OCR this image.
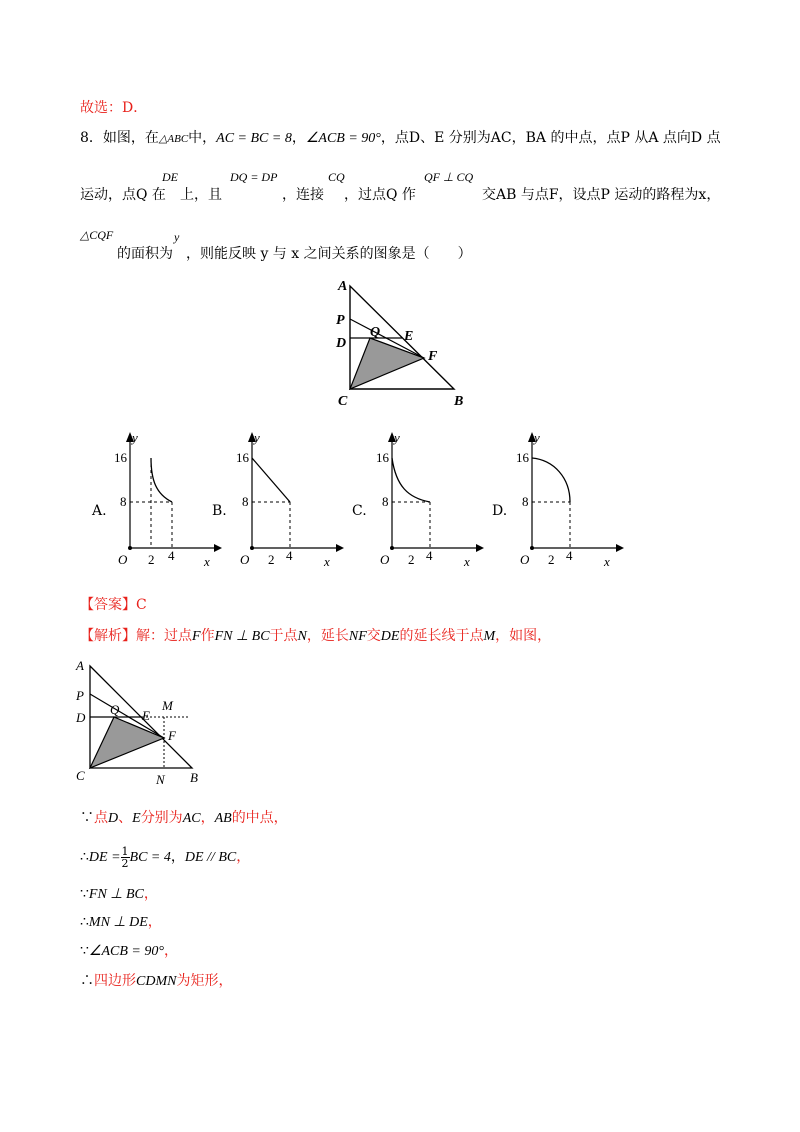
故选：D．
8．如图，在△ABC中，AC = BC = 8，∠ACB = 90°，点D、E 分别为AC，BA 的中点，点P 从A 点向D 点
运动，点Q 在
DE
上，且
DQ = DP
，连接
CQ
，过点Q 作
QF ⊥ CQ
交AB 与点F，设点P 运动的路程为x，
△CQF
的面积为
y
，则能反映 y 与 x 之间关系的图象是（　　）
A
P
Q E
D
F
C	B
A.
y
16
8
O 2 4 x
B.
y
16
8
O 2 4 x
C.
y
16
8
O 2 4 x
D.
y
16
8
O 2 4 x
【答案】C
【解析】解：过点F作FN ⊥ BC于点N，延长NF交DE的延长线于点M，如图，
A
P
D
Q E
M
F
C	N B
∵点D、E分别为AC，AB的中点，
∴DE = $\frac{1}{2}$ BC = 4，DE // BC，
∵FN ⊥ BC，
∴MN ⊥ DE，
∵∠ACB = 90°，
∴四边形CDMN为矩形，
